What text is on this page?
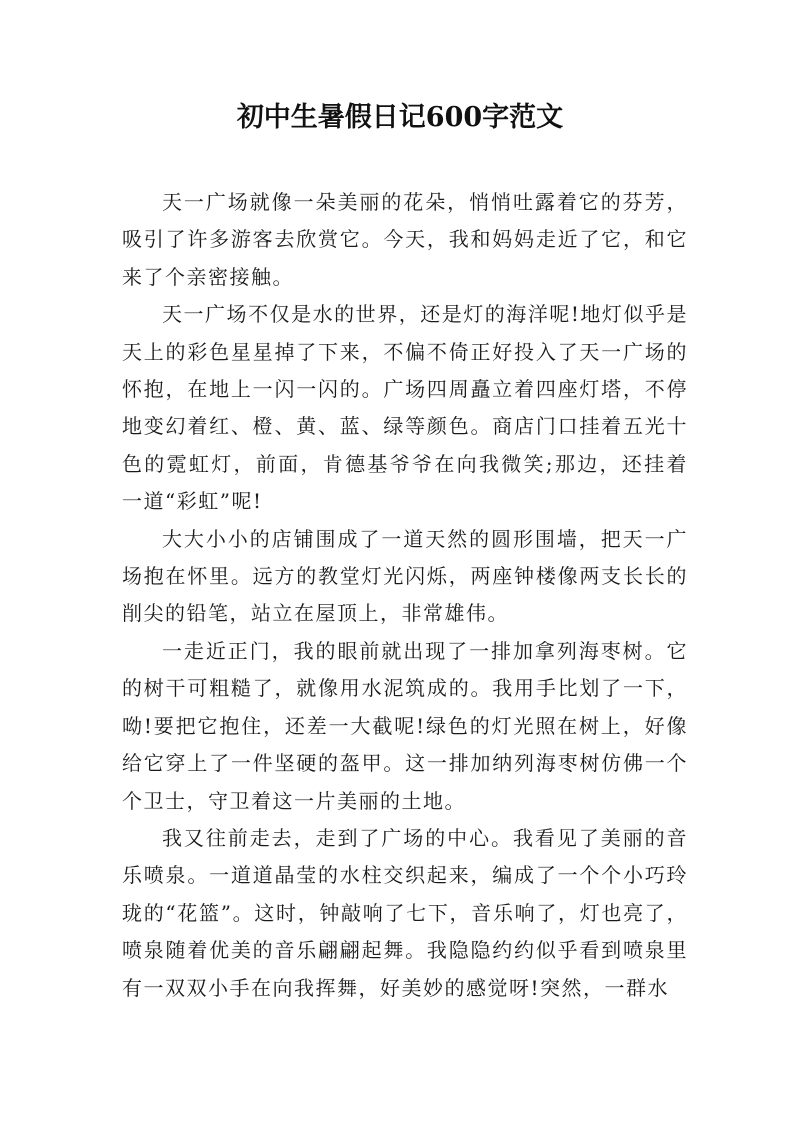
初中生暑假日记600字范文

天一广场就像一朵美丽的花朵，悄悄吐露着它的芬芳，吸引了许多游客去欣赏它。今天，我和妈妈走近了它，和它来了个亲密接触。

天一广场不仅是水的世界，还是灯的海洋呢!地灯似乎是天上的彩色星星掉了下来，不偏不倚正好投入了天一广场的怀抱，在地上一闪一闪的。广场四周矗立着四座灯塔，不停地变幻着红、橙、黄、蓝、绿等颜色。商店门口挂着五光十色的霓虹灯，前面，肯德基爷爷在向我微笑;那边，还挂着一道“彩虹”呢!

大大小小的店铺围成了一道天然的圆形围墙，把天一广场抱在怀里。远方的教堂灯光闪烁，两座钟楼像两支长长的削尖的铅笔，站立在屋顶上，非常雄伟。

一走近正门，我的眼前就出现了一排加拿列海枣树。它的树干可粗糙了，就像用水泥筑成的。我用手比划了一下，呦!要把它抱住，还差一大截呢!绿色的灯光照在树上，好像给它穿上了一件坚硬的盔甲。这一排加纳列海枣树仿佛一个个卫士，守卫着这一片美丽的土地。

我又往前走去，走到了广场的中心。我看见了美丽的音乐喷泉。一道道晶莹的水柱交织起来，编成了一个个小巧玲珑的“花篮”。这时，钟敲响了七下，音乐响了，灯也亮了，喷泉随着优美的音乐翩翩起舞。我隐隐约约似乎看到喷泉里有一双双小手在向我挥舞，好美妙的感觉呀!突然，一群水
